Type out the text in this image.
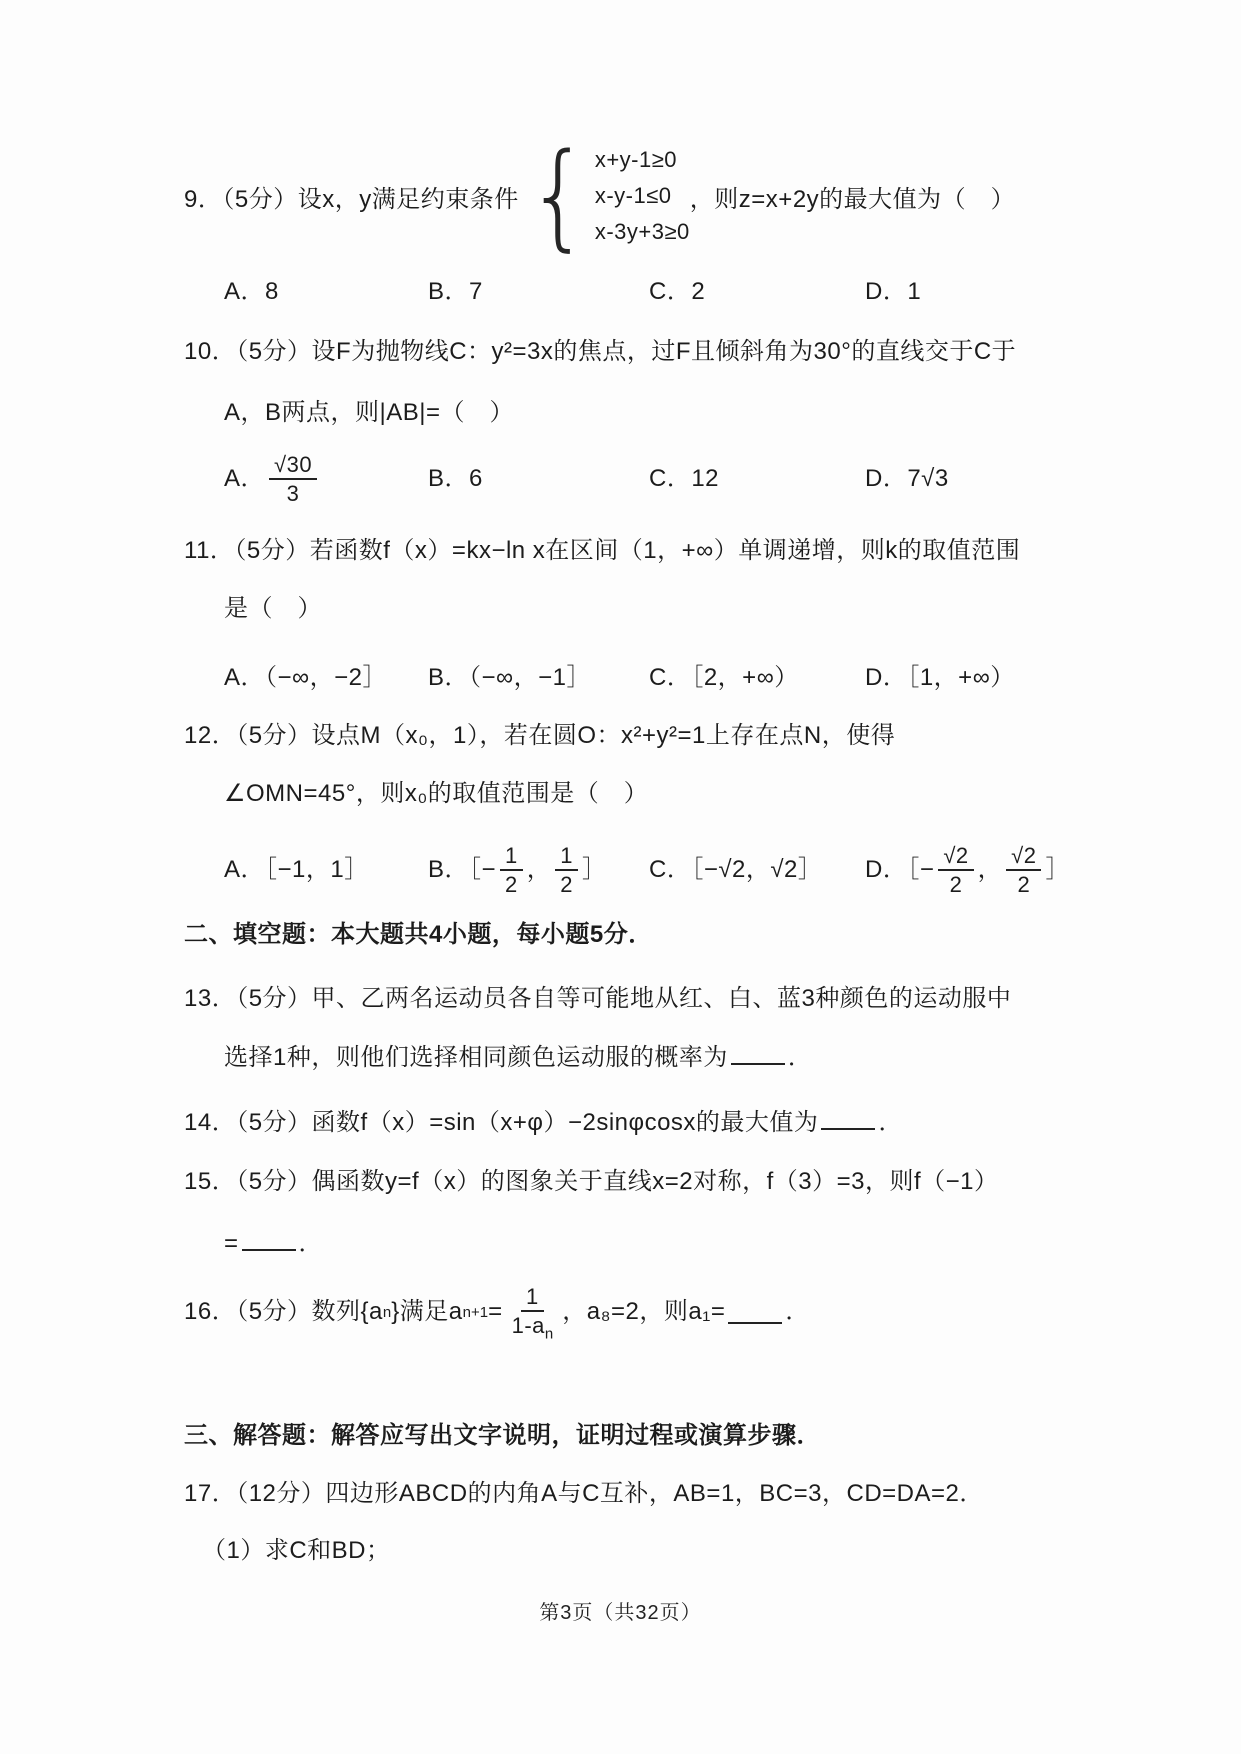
9．（5分）设x，y满足约束条件 { x+y-1≥0
x-y-1≤0
x-3y+3≥0
，则z=x+2y的最大值为（　）
A．8	B．7	C．2	D．1
10．（5分）设F为抛物线C：y²=3x的焦点，过F且倾斜角为30°的直线交于C于
A，B两点，则|AB|=（　）
A． $\frac{√30}{3}$	B．6	C．12	D．7√3
11．（5分）若函数f（x）=kx−ln x在区间（1，+∞）单调递增，则k的取值范围
是（　）
A．（−∞，−2］	B．（−∞，−1］	C．［2，+∞）	D．［1，+∞）
12．（5分）设点M（x₀，1），若在圆O：x²+y²=1上存在点N，使得
∠OMN=45°，则x₀的取值范围是（　）
A．［−1，1］	B．［− $\frac{1}{2}$ ， $\frac{1}{2}$ ］ C．［−√2，√2］	D．［− $\frac{√2}{2}$ ， $\frac{√2}{2}$ ］
二、填空题：本大题共4小题，每小题5分．
13．（5分）甲、乙两名运动员各自等可能地从红、白、蓝3种颜色的运动服中
选择1种，则他们选择相同颜色运动服的概率为	．
14．（5分）函数f（x）=sin（x+φ）−2sinφcosx的最大值为	．
15．（5分）偶函数y=f（x）的图象关于直线x=2对称，f（3）=3，则f（−1）
=	．
16．（5分）数列{a n }满足a $n+1 = \frac{1}{1-a_n}$ ，a₈=2，则a₁=	．
三、解答题：解答应写出文字说明，证明过程或演算步骤．
17．（12分）四边形ABCD的内角A与C互补，AB=1，BC=3，CD=DA=2．
（1）求C和BD；
第3页（共32页）
